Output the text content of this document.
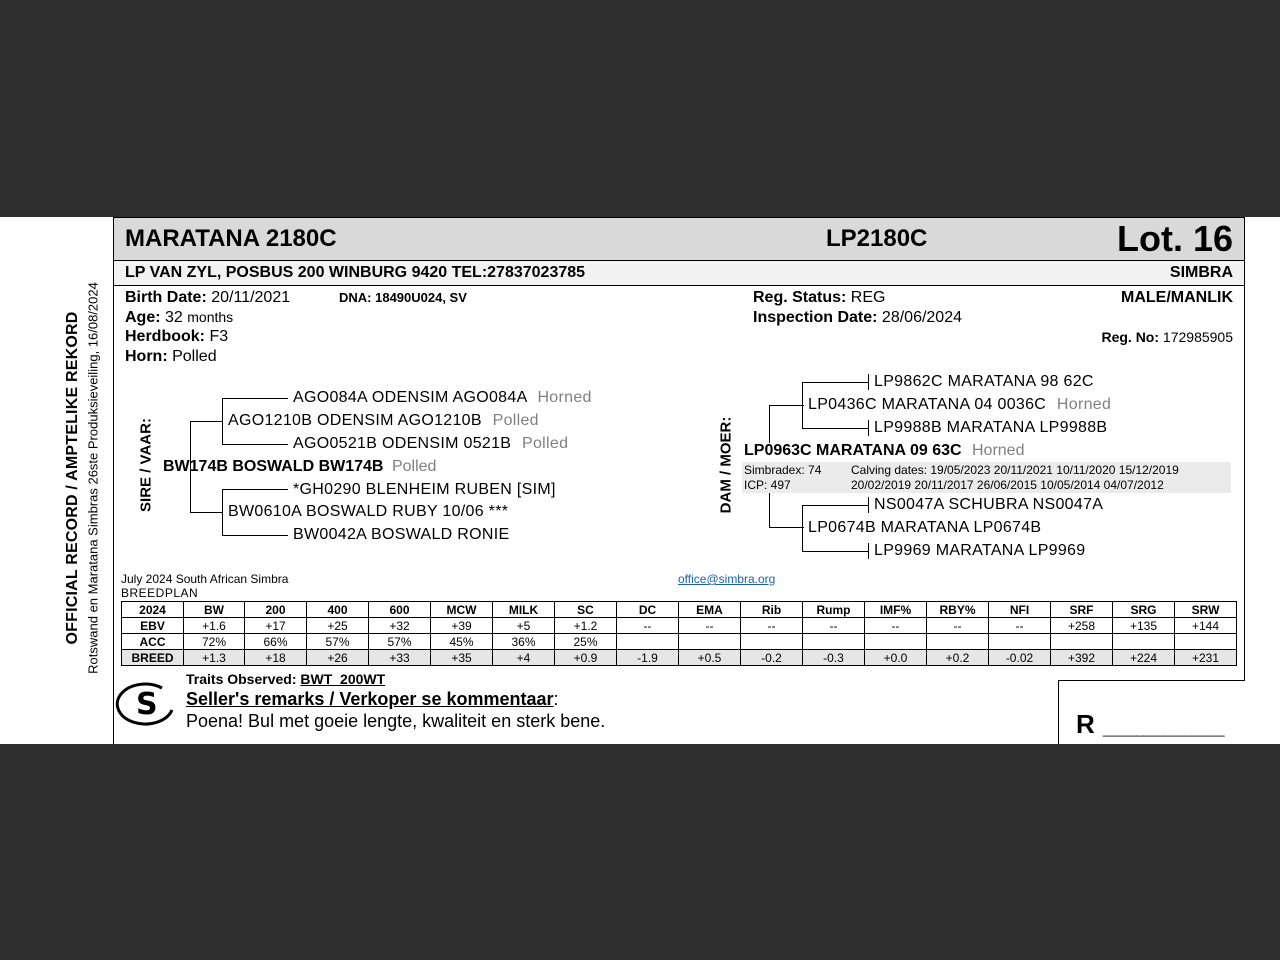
OFFICIAL RECORD / AMPTELIKE REKORD Rotswand en Maratana Simbras 26ste Produksieveiling, 16/08/2024
MARATANA 2180C	LP2180C	Lot. 16
LP VAN ZYL, POSBUS 200 WINBURG 9420 TEL:27837023785	SIMBRA
Birth Date: 20/11/2021	DNA: 18490U024, SV
Age: 32 months
Herdbook: F3
Horn: Polled
Reg. Status: REG
Inspection Date: 28/06/2024
MALE/MANLIK
Reg. No: 172985905
SIRE / VAAR:
AGO084A ODENSIM AGO084A Horned
AGO1210B ODENSIM AGO1210B Polled
AGO0521B ODENSIM 0521B Polled
BW174B BOSWALD BW174B Polled
*GH0290 BLENHEIM RUBEN [SIM]
BW0610A BOSWALD RUBY 10/06 ***
BW0042A BOSWALD RONIE
DAM / MOER:
LP9862C MARATANA 98 62C
LP0436C MARATANA 04 0036C Horned
LP9988B MARATANA LP9988B
LP0963C MARATANA 09 63C Horned
Simbradex: 74
ICP: 497
Calving dates: 19/05/2023 20/11/2021 10/11/2020 15/12/2019
20/02/2019 20/11/2017 26/06/2015 10/05/2014 04/07/2012
NS0047A SCHUBRA NS0047A
LP0674B MARATANA LP0674B
LP9969 MARATANA LP9969
July 2024 South African Simbra
BREEDPLAN
office@simbra.org
2024	BW	200	400	600	MCW	MILK	SC	DC	EMA	Rib	Rump	IMF%	RBY%	NFI	SRF	SRG	SRW
EBV	+1.6	+17	+25	+32	+39	+5	+1.2	--	--	--	--	--	--	--	+258	+135	+144
ACC	72%	66%	57%	57%	45%	36%	25%										
BREED	+1.3	+18	+26	+33	+35	+4	+0.9	-1.9	+0.5	-0.2	-0.3	+0.0	+0.2	-0.02	+392	+224	+231
S
Traits Observed: BWT  200WT
Seller's remarks / Verkoper se kommentaar:
Poena! Bul met goeie lengte, kwaliteit en sterk bene.	R __________________
